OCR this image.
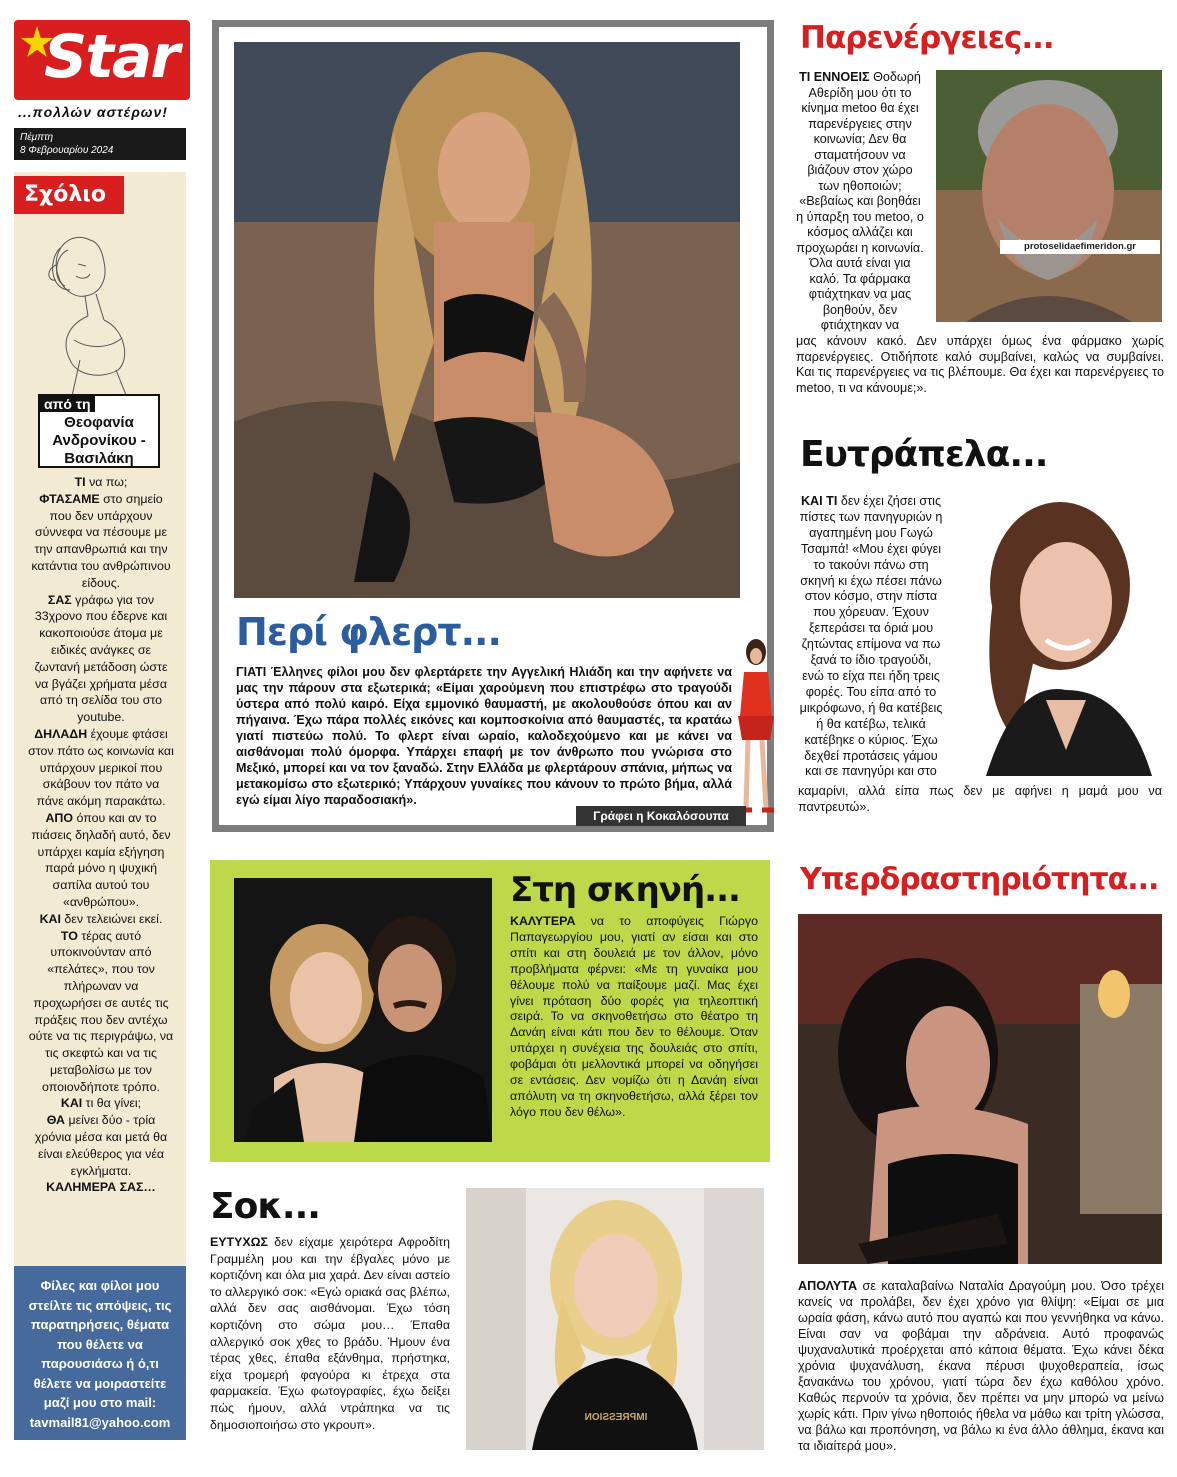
Star
...πολλών αστέρων!
Πέμπτη
8 Φεβρουαρίου 2024
Σχόλιο
από τη
Θεοφανία Ανδρονίκου - Βασιλάκη
ΤΙ να πω;
ΦΤΑΣΑΜΕ στο σημείο που δεν υπάρχουν σύννεφα να πέσουμε με την απανθρωπιά και την κατάντια του ανθρώπινου είδους.
ΣΑΣ γράφω για τον 33χρονο που έδερνε και κακοποιούσε άτομα με ειδικές ανάγκες σε ζωντανή μετάδοση ώστε να βγάζει χρήματα μέσα από τη σελίδα του στο youtube.
ΔΗΛΑΔΗ έχουμε φτάσει στον πάτο ως κοινωνία και υπάρχουν μερικοί που σκάβουν τον πάτο να πάνε ακόμη παρακάτω.
ΑΠΟ όπου και αν το πιάσεις δηλαδή αυτό, δεν υπάρχει καμία εξήγηση παρά μόνο η ψυχική σαπίλα αυτού του «ανθρώπου».
ΚΑΙ δεν τελειώνει εκεί.
ΤΟ τέρας αυτό υποκινούνταν από «πελάτες», που τον πλήρωναν να προχωρήσει σε αυτές τις πράξεις που δεν αντέχω ούτε να τις περιγράψω, να τις σκεφτώ και να τις μεταβολίσω με τον οποιονδήποτε τρόπο.
ΚΑΙ τι θα γίνει;
ΘΑ μείνει δύο - τρία χρόνια μέσα και μετά θα είναι ελεύθερος για νέα εγκλήματα.
ΚΑΛΗΜΕΡΑ ΣΑΣ…
Φίλες και φίλοι μου στείλτε τις απόψεις, τις παρατηρήσεις, θέματα που θέλετε να παρουσιάσω ή ό,τι θέλετε να μοιραστείτε μαζί μου στο mail:
tavmail81@yahoo.com
Περί φλερτ...
ΓΙΑΤΙ Έλληνες φίλοι μου δεν φλερτάρετε την Αγγελική Ηλιάδη και την αφήνετε να μας την πάρουν στα εξωτερικά; «Είμαι χαρούμενη που επιστρέφω στο τραγούδι ύστερα από πολύ καιρό. Είχα εμμονικό θαυμαστή, με ακολουθούσε όπου και αν πήγαινα. Έχω πάρα πολλές εικόνες και κομποσκοίνια από θαυμαστές, τα κρατάω γιατί πιστεύω πολύ. Το φλερτ είναι ωραίο, καλοδεχούμενο και με κάνει να αισθάνομαι πολύ όμορφα. Υπάρχει επαφή με τον άνθρωπο που γνώρισα στο Μεξικό, μπορεί και να τον ξαναδώ. Στην Ελλάδα με φλερτάρουν σπάνια, μήπως να μετακομίσω στο εξωτερικό; Υπάρχουν γυναίκες που κάνουν το πρώτο βήμα, αλλά εγώ είμαι λίγο παραδοσιακή».
Γράφει η Κοκαλόσουπα
Στη σκηνή...
ΚΑΛΥΤΕΡΑ να το αποφύγεις Γιώργο Παπαγεωργίου μου, γιατί αν είσαι και στο σπίτι και στη δουλειά με τον άλλον, μόνο προβλήματα φέρνει: «Με τη γυναίκα μου θέλουμε πολύ να παίξουμε μαζί. Μας έχει γίνει πρόταση δύο φορές για τηλεοπτική σειρά. Το να σκηνοθετήσω στο θέατρο τη Δανάη είναι κάτι που δεν το θέλουμε. Όταν υπάρχει η συνέχεια της δουλειάς στο σπίτι, φοβάμαι ότι μελλοντικά μπορεί να οδηγήσει σε εντάσεις. Δεν νομίζω ότι η Δανάη είναι απόλυτη να τη σκηνοθετήσω, αλλά ξέρει τον λόγο που δεν θέλω».
Σοκ...
ΕΥΤΥΧΩΣ δεν είχαμε χειρότερα Αφροδίτη Γραμμέλη μου και την έβγαλες μόνο με κορτιζόνη και όλα μια χαρά. Δεν είναι αστείο το αλλεργικό σοκ: «Εγώ οριακά σας βλέπω, αλλά δεν σας αισθάνομαι. Έχω τόση κορτιζόνη στο σώμα μου… Έπαθα αλλεργικό σοκ χθες το βράδυ. Ήμουν ένα τέρας χθες, έπαθα εξάνθημα, πρήστηκα, είχα τρομερή φαγούρα κι έτρεχα στα φαρμακεία. Έχω φωτογραφίες, έχω δείξει πώς ήμουν, αλλά ντράπηκα να τις δημοσιοποιήσω στο γκρουπ».
IMPRESSION
Παρενέργειες...
ΤΙ ΕΝΝΟΕΙΣ Θοδωρή Αθερίδη μου ότι το κίνημα metoo θα έχει παρενέργειες στην κοινωνία; Δεν θα σταματήσουν να βιάζουν στον χώρο των ηθοποιών; «Βεβαίως και βοηθάει η ύπαρξη του metoo, ο κόσμος αλλάζει και προχωράει η κοινωνία. Όλα αυτά είναι για καλό. Τα φάρμακα φτιάχτηκαν να μας βοηθούν, δεν φτιάχτηκαν να
protoselidaefimeridon.gr
μας κάνουν κακό. Δεν υπάρχει όμως ένα φάρμακο χωρίς παρενέργειες. Οτιδήποτε καλό συμβαίνει, καλώς να συμβαίνει. Και τις παρενέργειες να τις βλέπουμε. Θα έχει και παρενέργειες το metoo, τι να κάνουμε;».
Ευτράπελα...
ΚΑΙ ΤΙ δεν έχει ζήσει στις πίστες των πανηγυριών η αγαπημένη μου Γωγώ Τσαμπά! «Μου έχει φύγει το τακούνι πάνω στη σκηνή κι έχω πέσει πάνω στον κόσμο, στην πίστα που χόρευαν. Έχουν ξεπεράσει τα όριά μου ζητώντας επίμονα να πω ξανά το ίδιο τραγούδι, ενώ το είχα πει ήδη τρεις φορές. Του είπα από το μικρόφωνο, ή θα κατέβεις ή θα κατέβω, τελικά κατέβηκε ο κύριος. Έχω δεχθεί προτάσεις γάμου και σε πανηγύρι και στο
καμαρίνι, αλλά είπα πως δεν με αφήνει η μαμά μου να παντρευτώ».
Υπερδραστηριότητα...
ΑΠΟΛΥΤΑ σε καταλαβαίνω Ναταλία Δραγούμη μου. Όσο τρέχει κανείς να προλάβει, δεν έχει χρόνο για θλίψη: «Είμαι σε μια ωραία φάση, κάνω αυτό που αγαπώ και που γεννήθηκα να κάνω. Είναι σαν να φοβάμαι την αδράνεια. Αυτό προφανώς ψυχαναλυτικά προέρχεται από κάποια θέματα. Έχω κάνει δέκα χρόνια ψυχανάλυση, έκανα πέρυσι ψυχοθεραπεία, ίσως ξανακάνω του χρόνου, γιατί τώρα δεν έχω καθόλου χρόνο. Καθώς περνούν τα χρόνια, δεν πρέπει να μην μπορώ να μείνω χωρίς κάτι. Πριν γίνω ηθοποιός ήθελα να μάθω και τρίτη γλώσσα, να βάλω και προπόνηση, να βάλω κι ένα άλλο άθλημα, έκανα και τα ιδιαίτερά μου».
